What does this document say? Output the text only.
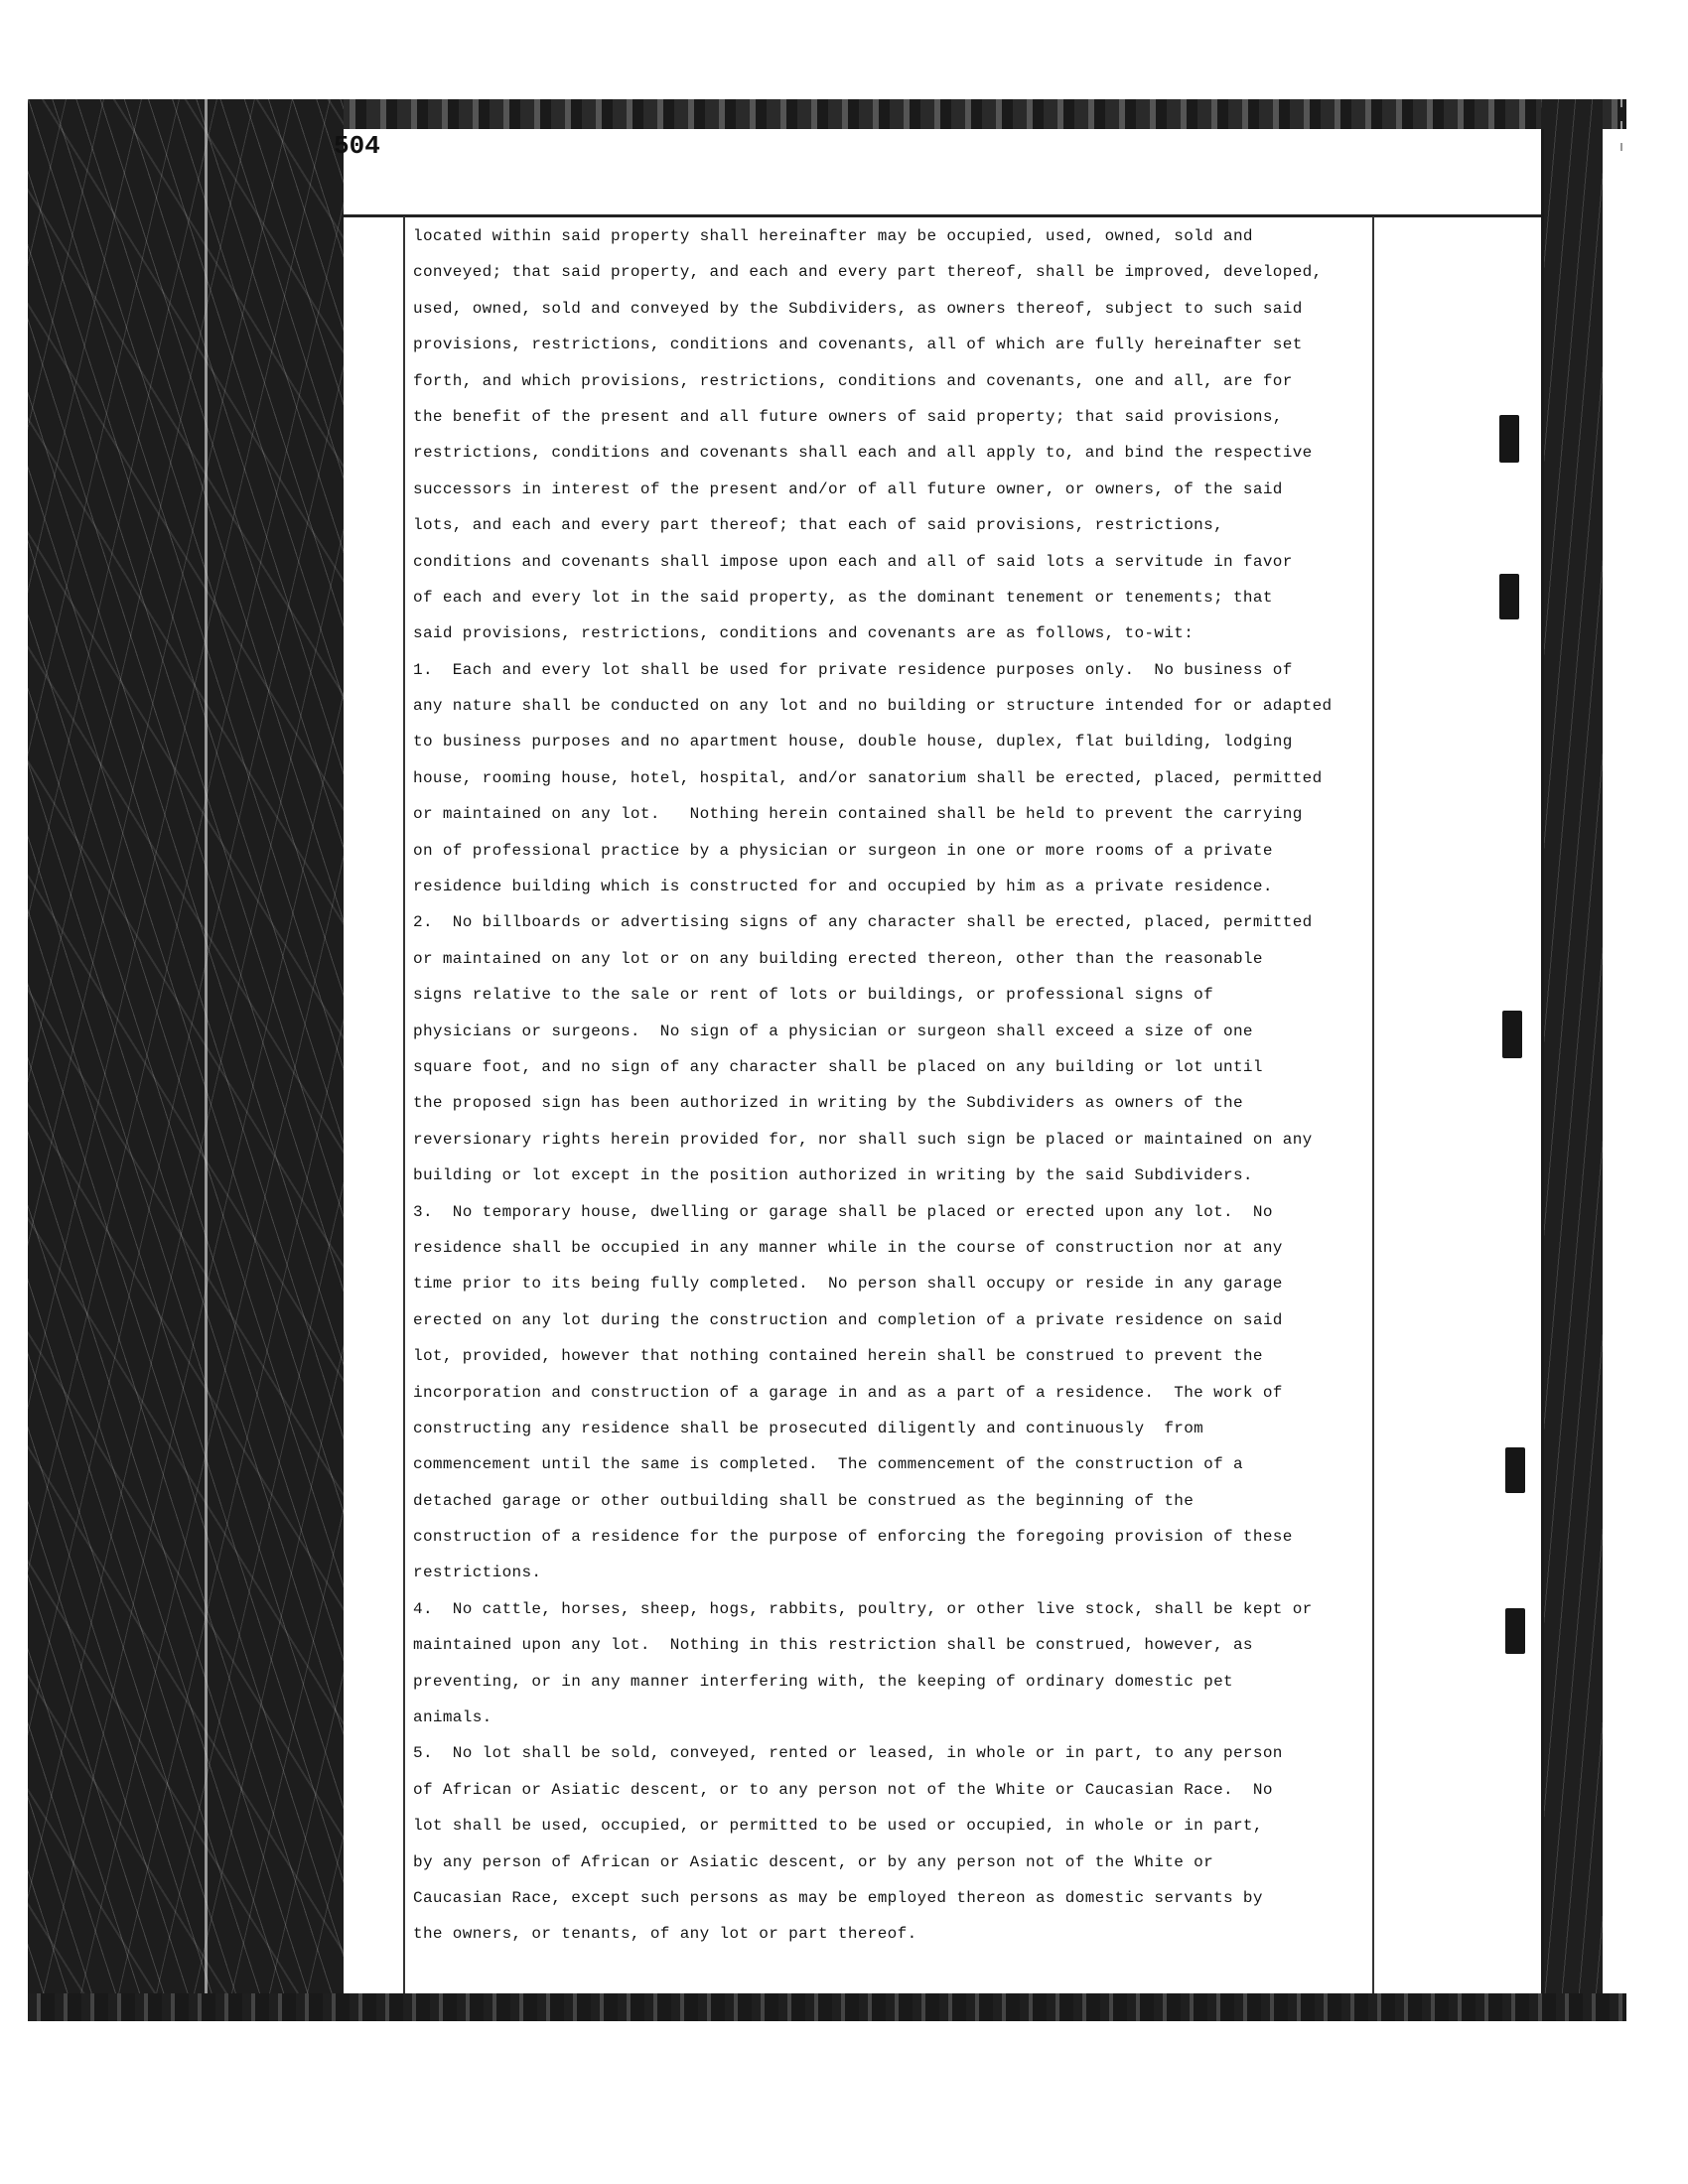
504
located within said property shall hereinafter may be occupied, used, owned, sold and
conveyed; that said property, and each and every part thereof, shall be improved, developed,
used, owned, sold and conveyed by the Subdividers, as owners thereof, subject to such said
provisions, restrictions, conditions and covenants, all of which are fully hereinafter set
forth, and which provisions, restrictions, conditions and covenants, one and all, are for
the benefit of the present and all future owners of said property; that said provisions,
restrictions, conditions and covenants shall each and all apply to, and bind the respective
successors in interest of the present and/or of all future owner, or owners, of the said
lots, and each and every part thereof; that each of said provisions, restrictions,
conditions and covenants shall impose upon each and all of said lots a servitude in favor
of each and every lot in the said property, as the dominant tenement or tenements; that
said provisions, restrictions, conditions and covenants are as follows, to-wit:
1.  Each and every lot shall be used for private residence purposes only.  No business of
any nature shall be conducted on any lot and no building or structure intended for or adapted
to business purposes and no apartment house, double house, duplex, flat building, lodging
house, rooming house, hotel, hospital, and/or sanatorium shall be erected, placed, permitted
or maintained on any lot.   Nothing herein contained shall be held to prevent the carrying
on of professional practice by a physician or surgeon in one or more rooms of a private
residence building which is constructed for and occupied by him as a private residence.
2.  No billboards or advertising signs of any character shall be erected, placed, permitted
or maintained on any lot or on any building erected thereon, other than the reasonable
signs relative to the sale or rent of lots or buildings, or professional signs of
physicians or surgeons.  No sign of a physician or surgeon shall exceed a size of one
square foot, and no sign of any character shall be placed on any building or lot until
the proposed sign has been authorized in writing by the Subdividers as owners of the
reversionary rights herein provided for, nor shall such sign be placed or maintained on any
building or lot except in the position authorized in writing by the said Subdividers.
3.  No temporary house, dwelling or garage shall be placed or erected upon any lot.  No
residence shall be occupied in any manner while in the course of construction nor at any
time prior to its being fully completed.  No person shall occupy or reside in any garage
erected on any lot during the construction and completion of a private residence on said
lot, provided, however that nothing contained herein shall be construed to prevent the
incorporation and construction of a garage in and as a part of a residence.  The work of
constructing any residence shall be prosecuted diligently and continuously  from
commencement until the same is completed.  The commencement of the construction of a
detached garage or other outbuilding shall be construed as the beginning of the
construction of a residence for the purpose of enforcing the foregoing provision of these
restrictions.
4.  No cattle, horses, sheep, hogs, rabbits, poultry, or other live stock, shall be kept or
maintained upon any lot.  Nothing in this restriction shall be construed, however, as
preventing, or in any manner interfering with, the keeping of ordinary domestic pet
animals.
5.  No lot shall be sold, conveyed, rented or leased, in whole or in part, to any person
of African or Asiatic descent, or to any person not of the White or Caucasian Race.  No
lot shall be used, occupied, or permitted to be used or occupied, in whole or in part,
by any person of African or Asiatic descent, or by any person not of the White or
Caucasian Race, except such persons as may be employed thereon as domestic servants by
the owners, or tenants, of any lot or part thereof.
